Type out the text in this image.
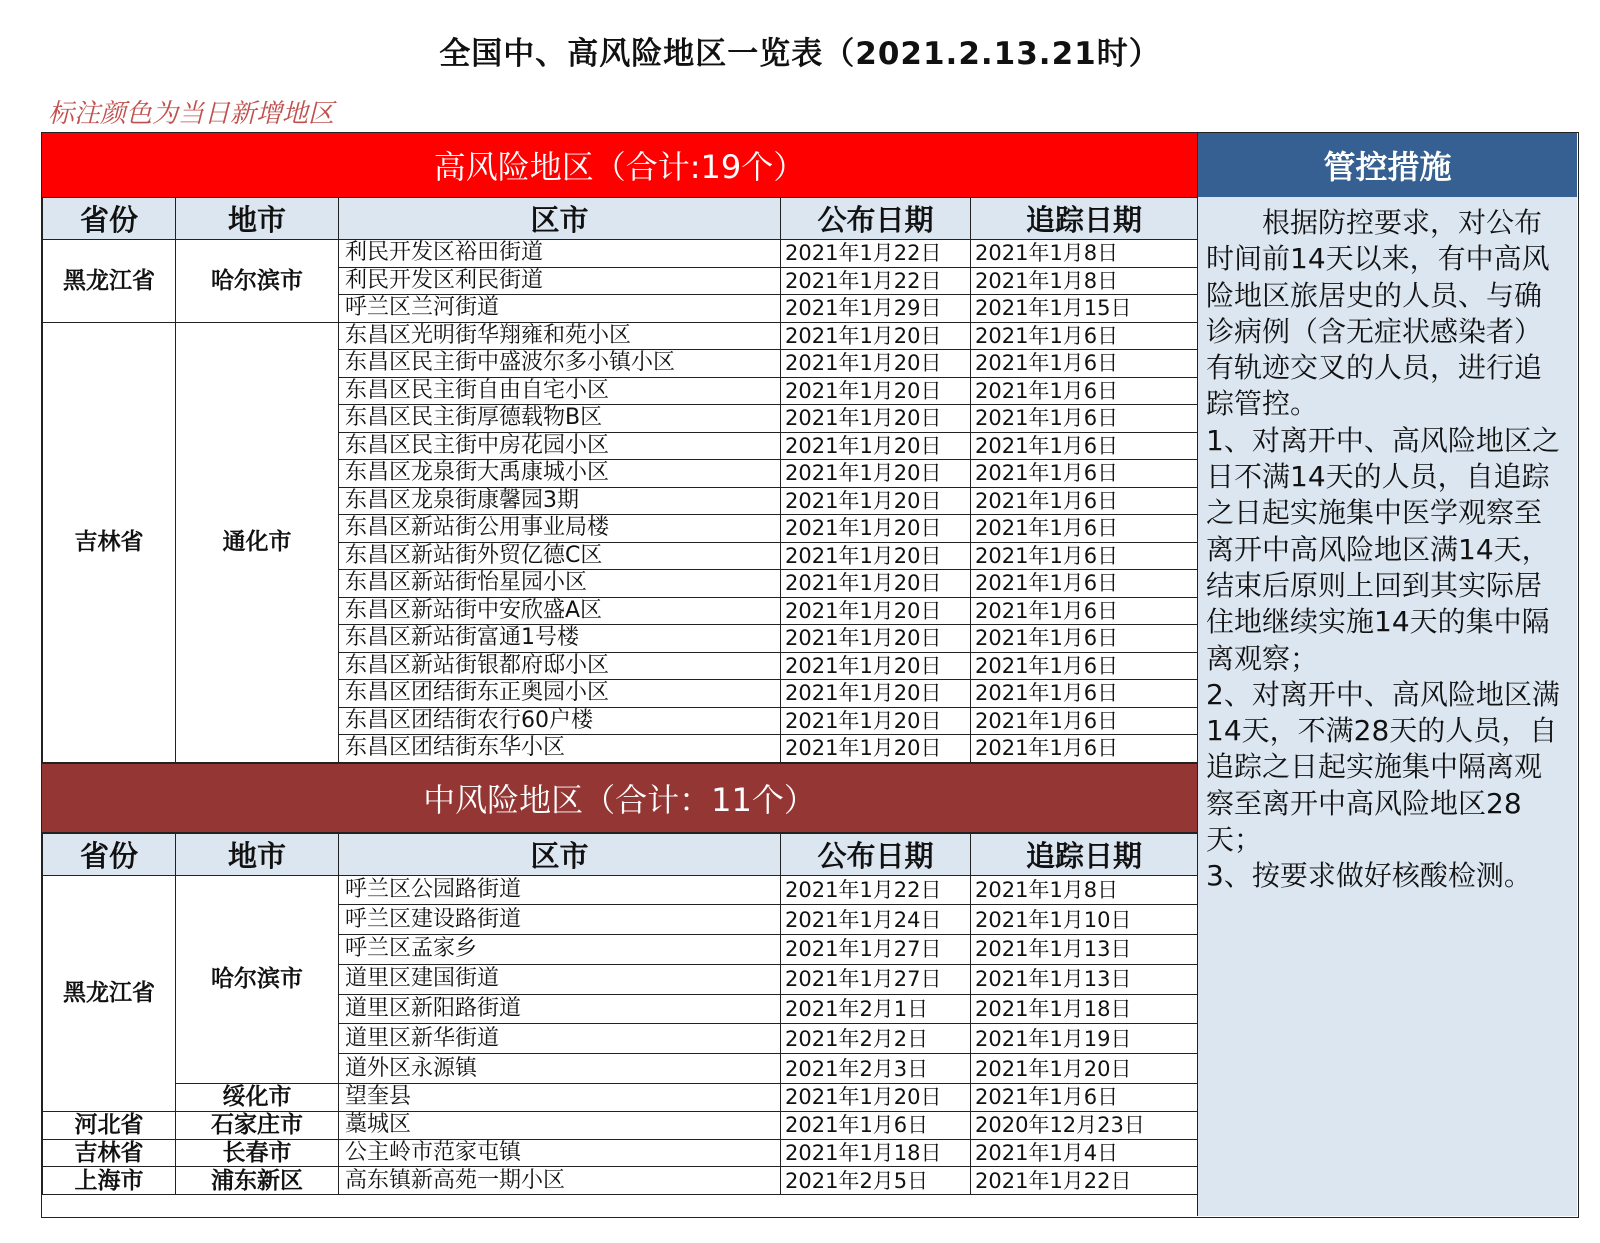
全国中、高风险地区一览表（2021.2.13.21时）
标注颜色为当日新增地区
高风险地区（合计:19个）
省份	地市	区市	公布日期	追踪日期
黑龙江省	哈尔滨市	利民开发区裕田街道	2021年1月22日	2021年1月8日
		利民开发区利民街道	2021年1月22日	2021年1月8日
		呼兰区兰河街道	2021年1月29日	2021年1月15日
吉林省	通化市	东昌区光明街华翔雍和苑小区	2021年1月20日	2021年1月6日
		东昌区民主街中盛波尔多小镇小区	2021年1月20日	2021年1月6日
		东昌区民主街自由自宅小区	2021年1月20日	2021年1月6日
		东昌区民主街厚德载物B区	2021年1月20日	2021年1月6日
		东昌区民主街中房花园小区	2021年1月20日	2021年1月6日
		东昌区龙泉街大禹康城小区	2021年1月20日	2021年1月6日
		东昌区龙泉街康馨园3期	2021年1月20日	2021年1月6日
		东昌区新站街公用事业局楼	2021年1月20日	2021年1月6日
		东昌区新站街外贸亿德C区	2021年1月20日	2021年1月6日
		东昌区新站街怡星园小区	2021年1月20日	2021年1月6日
		东昌区新站街中安欣盛A区	2021年1月20日	2021年1月6日
		东昌区新站街富通1号楼	2021年1月20日	2021年1月6日
		东昌区新站街银都府邸小区	2021年1月20日	2021年1月6日
		东昌区团结街东正奥园小区	2021年1月20日	2021年1月6日
		东昌区团结街农行60户楼	2021年1月20日	2021年1月6日
		东昌区团结街东华小区	2021年1月20日	2021年1月6日
中风险地区（合计：11个）
省份	地市	区市	公布日期	追踪日期
黑龙江省	哈尔滨市	呼兰区公园路街道	2021年1月22日	2021年1月8日
		呼兰区建设路街道	2021年1月24日	2021年1月10日
		呼兰区孟家乡	2021年1月27日	2021年1月13日
		道里区建国街道	2021年1月27日	2021年1月13日
		道里区新阳路街道	2021年2月1日	2021年1月18日
		道里区新华街道	2021年2月2日	2021年1月19日
		道外区永源镇	2021年2月3日	2021年1月20日
	绥化市	望奎县	2021年1月20日	2021年1月6日
河北省	石家庄市	藁城区	2021年1月6日	2020年12月23日
吉林省	长春市	公主岭市范家屯镇	2021年1月18日	2021年1月4日
上海市	浦东新区	高东镇新高苑一期小区	2021年2月5日	2021年1月22日
管控措施
　　根据防控要求，对公布时间前14天以来，有中高风险地区旅居史的人员、与确诊病例（含无症状感染者）有轨迹交叉的人员，进行追踪管控。
1、对离开中、高风险地区之日不满14天的人员，自追踪之日起实施集中医学观察至离开中高风险地区满14天，结束后原则上回到其实际居住地继续实施14天的集中隔离观察；
2、对离开中、高风险地区满14天，不满28天的人员，自追踪之日起实施集中隔离观察至离开中高风险地区28天；
3、按要求做好核酸检测。
